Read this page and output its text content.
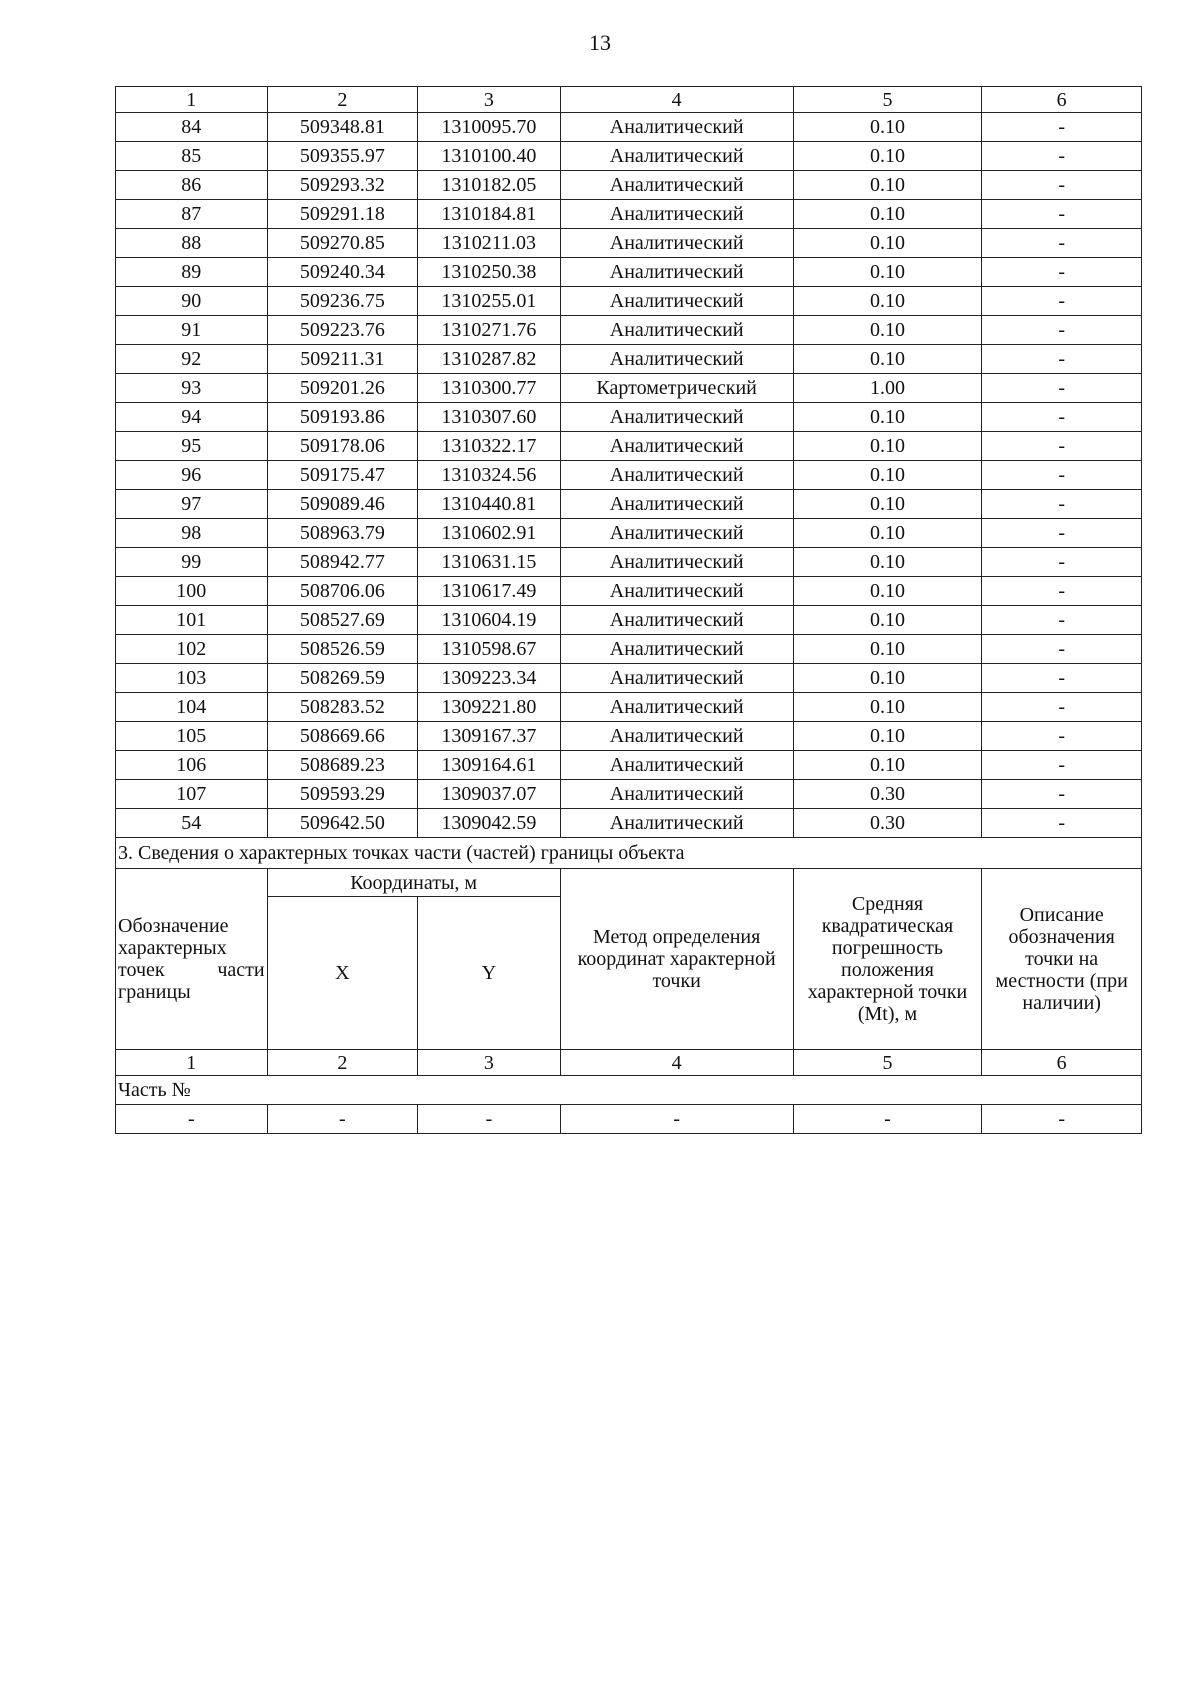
13
1	2	3	4	5	6
84	509348.81	1310095.70	Аналитический	0.10	-
85	509355.97	1310100.40	Аналитический	0.10	-
86	509293.32	1310182.05	Аналитический	0.10	-
87	509291.18	1310184.81	Аналитический	0.10	-
88	509270.85	1310211.03	Аналитический	0.10	-
89	509240.34	1310250.38	Аналитический	0.10	-
90	509236.75	1310255.01	Аналитический	0.10	-
91	509223.76	1310271.76	Аналитический	0.10	-
92	509211.31	1310287.82	Аналитический	0.10	-
93	509201.26	1310300.77	Картометрический	1.00	-
94	509193.86	1310307.60	Аналитический	0.10	-
95	509178.06	1310322.17	Аналитический	0.10	-
96	509175.47	1310324.56	Аналитический	0.10	-
97	509089.46	1310440.81	Аналитический	0.10	-
98	508963.79	1310602.91	Аналитический	0.10	-
99	508942.77	1310631.15	Аналитический	0.10	-
100	508706.06	1310617.49	Аналитический	0.10	-
101	508527.69	1310604.19	Аналитический	0.10	-
102	508526.59	1310598.67	Аналитический	0.10	-
103	508269.59	1309223.34	Аналитический	0.10	-
104	508283.52	1309221.80	Аналитический	0.10	-
105	508669.66	1309167.37	Аналитический	0.10	-
106	508689.23	1309164.61	Аналитический	0.10	-
107	509593.29	1309037.07	Аналитический	0.30	-
54	509642.50	1309042.59	Аналитический	0.30	-
3. Сведения о характерных точках части (частей) границы объекта					
Обозначение характерных точек части границы	Координаты, м		Метод определения координат характерной точки	Средняя квадратическая погрешность положения характерной точки (Mt), м	Описание обозначения точки на местности (при наличии)
	X	Y			
1	2	3	4	5	6
Часть №					
-	-	-	-	-	-
